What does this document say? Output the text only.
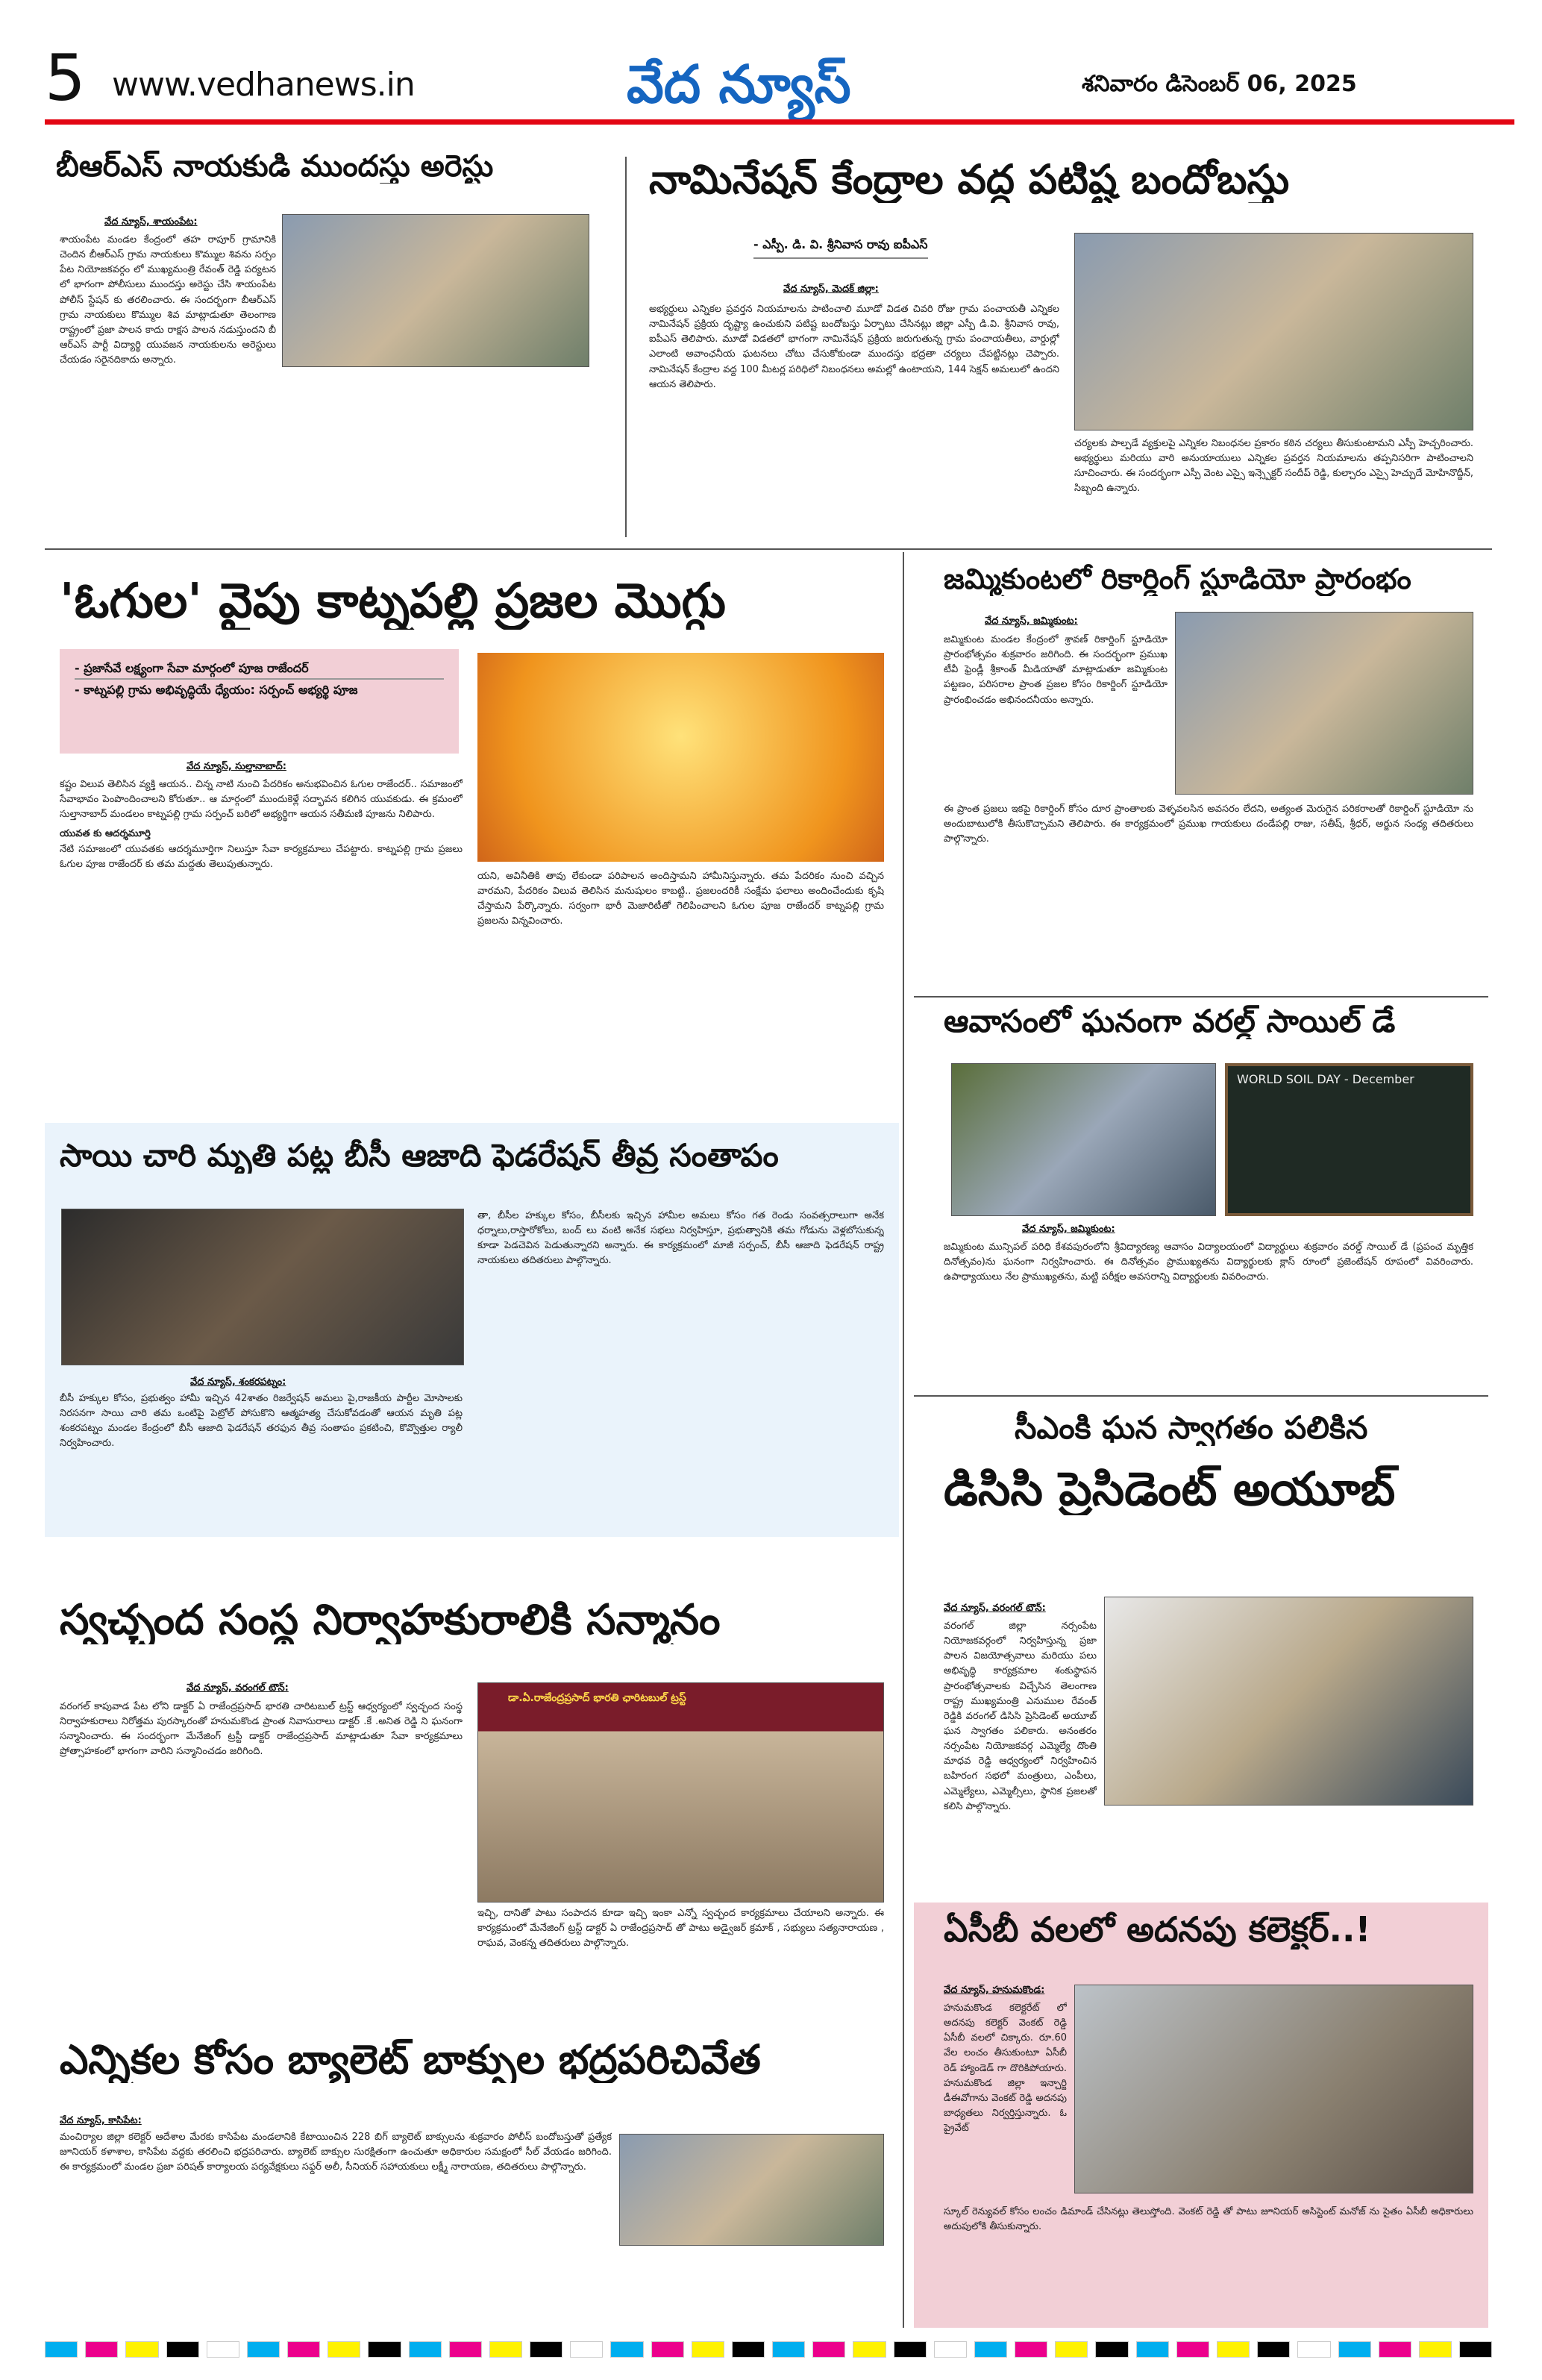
5 www.vedhanews.in	వేద న్యూస్	శనివారం డిసెంబర్ 06, 2025
బీఆర్ఎస్ నాయకుడి ముందస్తు అరెస్టు
వేద న్యూస్, శాయంపేట:
శాయంపేట మండల కేంద్రంలో తహ రాపూర్ గ్రామానికి చెందిన బీఆర్ఎస్ గ్రామ నాయకులు కొమ్ముల శివను సర్పం పేట నియోజకవర్గం లో ముఖ్యమంత్రి రేవంత్ రెడ్డి పర్యటన లో భాగంగా పోలీసులు ముందస్తు అరెస్టు చేసి శాయంపేట పోలీస్ స్టేషన్ కు తరలించారు. ఈ సందర్భంగా బీఆర్ఎస్ గ్రామ నాయకులు కొమ్ముల శివ మాట్లాడుతూ తెలంగాణ రాష్ట్రంలో ప్రజా పాలన కాదు రాక్షస పాలన నడుస్తుందని బీ ఆర్ఎస్ పార్టీ విద్యార్థి యువజన నాయకులను అరెస్టులు చేయడం సరైనదికాదు అన్నారు.
నామినేషన్ కేంద్రాల వద్ద పటిష్ట బందోబస్తు
- ఎస్పీ. డి. వి. శ్రీనివాస రావు ఐపీఎస్
వేద న్యూస్, మెదక్ జిల్లా:
అభ్యర్థులు ఎన్నికల ప్రవర్తన నియమాలను పాటించాలి మూడో విడత చివరి రోజు గ్రామ పంచాయతీ ఎన్నికల నామినేషన్ ప్రక్రియ దృష్ట్యా ఉంచుకుని పటిష్ట బందోబస్తు ఏర్పాటు చేసినట్లు జిల్లా ఎస్పీ డి.వి. శ్రీనివాస రావు, ఐపీఎస్ తెలిపారు. మూడో విడతలో భాగంగా నామినేషన్ ప్రక్రియ జరుగుతున్న గ్రామ పంచాయతీలు, వార్డుల్లో ఎలాంటి అవాంఛనీయ ఘటనలు చోటు చేసుకోకుండా ముందస్తు భద్రతా చర్యలు చేపట్టినట్లు చెప్పారు. నామినేషన్ కేంద్రాల వద్ద 100 మీటర్ల పరిధిలో నిబంధనలు అమల్లో ఉంటాయని, 144 సెక్షన్ అమలులో ఉందని ఆయన తెలిపారు.
చర్యలకు పాల్పడే వ్యక్తులపై ఎన్నికల నిబంధనల ప్రకారం కఠిన చర్యలు తీసుకుంటామని ఎస్పీ హెచ్చరించారు. అభ్యర్థులు మరియు వారి అనుయాయులు ఎన్నికల ప్రవర్తన నియమాలను తప్పనిసరిగా పాటించాలని సూచించారు. ఈ సందర్భంగా ఎస్పీ వెంట ఎస్సై ఇన్స్పెక్టర్ సందీప్ రెడ్డి, కుల్చారం ఎస్సై హెచ్చుదే మోహినొద్దీన్, సిబ్బంది ఉన్నారు.
'ఓగుల' వైపు కాట్నపల్లి ప్రజల మొగ్గు
- ప్రజాసేవే లక్ష్యంగా సేవా మార్గంలో పూజ రాజేందర్
- కాట్నపల్లి గ్రామ అభివృద్ధియే ధ్యేయం: సర్పంచ్ అభ్యర్థి పూజ
వేద న్యూస్, సుల్తానాబాద్:

కష్టం విలువ తెలిసిన వ్యక్తి ఆయన.. చిన్న నాటి నుంచి పేదరికం అనుభవించిన ఓగుల రాజేందర్.. సమాజంలో సేవాభావం పెంపొందించాలని కోరుతూ.. ఆ మార్గంలో ముందుకెళ్లే సద్భావన కలిగిన యువకుడు. ఈ క్రమంలో సుల్తానాబాద్ మండలం కాట్నపల్లి గ్రామ సర్పంచ్ బరిలో అభ్యర్థిగా ఆయన సతీమణి పూజను నిలిపారు.

యువత కు ఆదర్శమూర్తి

నేటి సమాజంలో యువతకు ఆదర్శమూర్తిగా నిలుస్తూ సేవా కార్యక్రమాలు చేపట్టారు. కాట్నపల్లి గ్రామ ప్రజలు ఓగుల పూజ రాజేందర్ కు తమ మద్దతు తెలుపుతున్నారు.

యని, అవినీతికి తావు లేకుండా పరిపాలన అందిస్తామని హామీనిస్తున్నారు. తమ పేదరికం నుంచి వచ్చిన వారమని, పేదరికం విలువ తెలిసిన మనుషులం కాబట్టి.. ప్రజలందరికీ సంక్షేమ ఫలాలు అందించేందుకు కృషి చేస్తామని పేర్కొన్నారు. సర్వంగా భారీ మెజారిటీతో గెలిపించాలని ఓగుల పూజ రాజేందర్ కాట్నపల్లి గ్రామ ప్రజలను విన్నవించారు.
సాయి చారి మృతి పట్ల బీసీ ఆజాది ఫెడరేషన్ తీవ్ర సంతాపం
వేద న్యూస్, శంకరపట్నం:
బీసీ హక్కుల కోసం, ప్రభుత్వం హామీ ఇచ్చిన 42శాతం రిజర్వేషన్ అమలు పై,రాజకీయ పార్టీల మోసాలకు నిరసనగా సాయి చారి తమ ఒంటిపై పెట్రోల్ పోసుకొని ఆత్మహత్య చేసుకోవడంతో ఆయన మృతి పట్ల శంకరపట్నం మండల కేంద్రంలో బీసీ ఆజాది ఫెడరేషన్ తరఫున తీవ్ర సంతాపం ప్రకటించి, కొవ్వొత్తుల ర్యాలీ నిర్వహించారు.
తా, బీసీల హక్కుల కోసం, బీసీలకు ఇచ్చిన హామీల అమలు కోసం గత రెండు సంవత్సరాలుగా అనేక ధర్నాలు,రాస్తారోకోలు, బంద్ లు వంటి అనేక సభలు నిర్వహిస్తూ, ప్రభుత్వానికి తమ గోడును వెళ్లబోసుకున్న కూడా పెడచెవిన పెడుతున్నారని అన్నారు. ఈ కార్యక్రమంలో మాజీ సర్పంచ్, బీసీ ఆజాది ఫెడరేషన్ రాష్ట్ర నాయకులు తదితరులు పాల్గొన్నారు.
స్వచ్ఛంద సంస్థ నిర్వాహకురాలికి సన్మానం
వేద న్యూస్, వరంగల్ టౌన్:
వరంగల్ కాపువాడ పేట లోని డాక్టర్ ఏ రాజేంద్రప్రసాద్ భారతి చారిటబుల్ ట్రస్ట్ ఆధ్వర్యంలో స్వచ్ఛంద సంస్థ నిర్వాహకురాలు నిరోత్తమ పురస్కారంతో హనుమకొండ ప్రాంత నివాసురాలు డాక్టర్ .కే .అనిత రెడ్డి ని ఘనంగా సన్మానించారు. ఈ సందర్భంగా మేనేజింగ్ ట్రస్టీ డాక్టర్ రాజేంద్రప్రసాద్ మాట్లాడుతూ సేవా కార్యక్రమాలు ప్రోత్సాహకంలో భాగంగా వారిని సన్మానించడం జరిగింది.
డా.ఏ.రాజేంద్రప్రసాద్ భారతి ఛారిటబుల్ ట్రస్ట్
ఇచ్చి, దానితో పాటు సంపాదన కూడా ఇచ్చి ఇంకా ఎన్నో స్వచ్ఛంద కార్యక్రమాలు చేయాలని అన్నారు. ఈ కార్యక్రమంలో మేనేజింగ్ ట్రస్ట్ డాక్టర్ ఏ రాజేంద్రప్రసాద్ తో పాటు అడ్వైజర్ క్రమాక్ , సభ్యులు సత్యనారాయణ , రాఘవ, వెంకన్న తదితరులు పాల్గొన్నారు.
ఎన్నికల కోసం బ్యాలెట్ బాక్సుల భద్రపరిచివేత
వేద న్యూస్, కాసిపేట:
మంచిర్యాల జిల్లా కలెక్టర్ ఆదేశాల మేరకు కాసిపేట మండలానికి కేటాయించిన 228 బిగ్ బ్యాలెట్ బాక్సులను శుక్రవారం పోలీస్ బందోబస్తుతో ప్రత్యేక జూనియర్ కళాశాల, కాసిపేట వద్దకు తరలించి భద్రపరిచారు. బ్యాలెట్ బాక్సుల సురక్షితంగా ఉంచుతూ అధికారుల సమక్షంలో సీల్ వేయడం జరిగింది. ఈ కార్యక్రమంలో మండల ప్రజా పరిషత్ కార్యాలయ పర్యవేక్షకులు సఫ్దర్ అలీ, సీనియర్ సహాయకులు లక్ష్మీ నారాయణ, తదితరులు పాల్గొన్నారు.
జమ్మికుంటలో రికార్డింగ్ స్టూడియో ప్రారంభం
వేద న్యూస్, జమ్మికుంట:
జమ్మికుంట మండల కేంద్రంలో శ్రావణ్ రికార్డింగ్ స్టూడియో ప్రారంభోత్సవం శుక్రవారం జరిగింది. ఈ సందర్భంగా ప్రముఖ టీవీ ఫ్రెండ్లీ శ్రీకాంత్ మీడియాతో మాట్లాడుతూ జమ్మికుంట పట్టణం, పరిసరాల ప్రాంత ప్రజల కోసం రికార్డింగ్ స్టూడియో ప్రారంభించడం అభినందనీయం అన్నారు.
ఈ ప్రాంత ప్రజలు ఇకపై రికార్డింగ్ కోసం దూర ప్రాంతాలకు వెళ్ళవలసిన అవసరం లేదని, అత్యంత మెరుగైన పరికరాలతో రికార్డింగ్ స్టూడియో ను అందుబాటులోకి తీసుకొచ్చామని తెలిపారు. ఈ కార్యక్రమంలో ప్రముఖ గాయకులు దండేపల్లి రాజు, సతీష్, శ్రీధర్, అర్జున సంధ్య తదితరులు పాల్గొన్నారు.
ఆవాసంలో ఘనంగా వరల్డ్ సాయిల్ డే
WORLD SOIL DAY - December
వేద న్యూస్, జమ్మికుంట:
జమ్మికుంట మున్సిపల్ పరిధి కేశవపురంలోని శ్రీవిద్యారణ్య ఆవాసం విద్యాలయంలో విద్యార్థులు శుక్రవారం వరల్డ్ సాయిల్ డే (ప్రపంచ మృత్తిక దినోత్సవం)ను ఘనంగా నిర్వహించారు. ఈ దినోత్సవం ప్రాముఖ్యతను విద్యార్థులకు క్లాస్ రూంలో ప్రజెంటేషన్ రూపంలో వివరించారు. ఉపాధ్యాయులు నేల ప్రాముఖ్యతను, మట్టి పరీక్షల అవసరాన్ని విద్యార్థులకు వివరించారు.
సీఎంకి ఘన స్వాగతం పలికిన
డిసిసి ప్రెసిడెంట్ అయూబ్
వేద న్యూస్, వరంగల్ టౌన్:
వరంగల్ జిల్లా నర్సంపేట నియోజకవర్గంలో నిర్వహిస్తున్న ప్రజా పాలన విజయోత్సవాలు మరియు పలు అభివృద్ధి కార్యక్రమాల శంకుస్థాపన ప్రారంభోత్సవాలకు విచ్చేసిన తెలంగాణ రాష్ట్ర ముఖ్యమంత్రి ఎనుముల రేవంత్ రెడ్డికి వరంగల్ డిసిసి ప్రెసిడెంట్ అయూబ్ ఘన స్వాగతం పలికారు. అనంతరం నర్సంపేట నియోజకవర్గ ఎమ్మెల్యే దొంతి మాధవ రెడ్డి ఆధ్వర్యంలో నిర్వహించిన బహిరంగ సభలో మంత్రులు, ఎంపీలు, ఎమ్మెల్యేలు, ఎమ్మెల్సీలు, స్థానిక ప్రజలతో కలిసి పాల్గొన్నారు.
ఏసీబీ వలలో అదనపు కలెక్టర్..!
వేద న్యూస్, హనుమకొండ:
హనుమకొండ కలెక్టరేట్ లో అదనపు కలెక్టర్ వెంకట్ రెడ్డి ఏసీబీ వలలో చిక్కారు. రూ.60 వేల లంచం తీసుకుంటూ ఏసీబీ రెడ్ హ్యాండెడ్ గా దొరికిపోయారు. హనుమకొండ జిల్లా ఇన్చార్జి డీఈవోగాను వెంకట్ రెడ్డి అదనపు బాధ్యతలు నిర్వర్తిస్తున్నారు. ఓ ప్రైవేట్
స్కూల్ రెన్యువల్ కోసం లంచం డిమాండ్ చేసినట్లు తెలుస్తోంది. వెంకట్ రెడ్డి తో పాటు జూనియర్ అసిస్టెంట్ మనోజ్ ను సైతం ఏసీబీ అధికారులు అదుపులోకి తీసుకున్నారు.
